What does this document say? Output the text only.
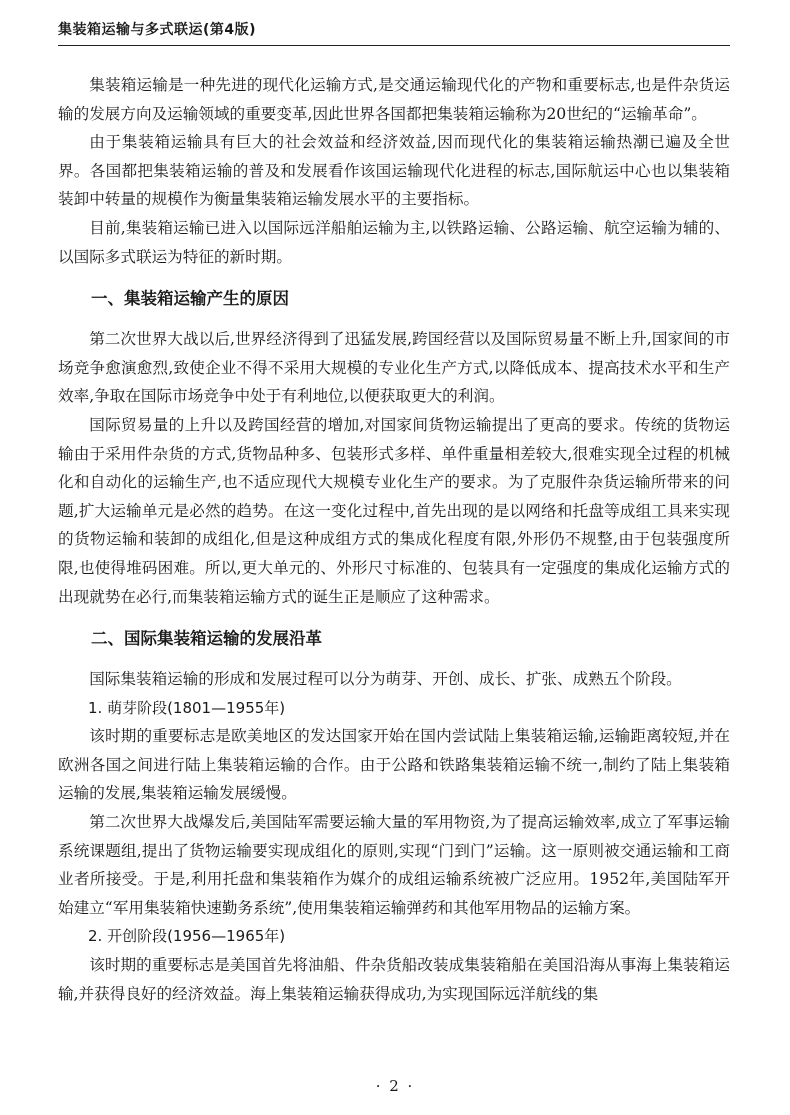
集装箱运输与多式联运(第4版)

集装箱运输是一种先进的现代化运输方式,是交通运输现代化的产物和重要标志,也是件杂货运输的发展方向及运输领域的重要变革,因此世界各国都把集装箱运输称为20世纪的“运输革命”。

由于集装箱运输具有巨大的社会效益和经济效益,因而现代化的集装箱运输热潮已遍及全世界。各国都把集装箱运输的普及和发展看作该国运输现代化进程的标志,国际航运中心也以集装箱装卸中转量的规模作为衡量集装箱运输发展水平的主要指标。

目前,集装箱运输已进入以国际远洋船舶运输为主,以铁路运输、公路运输、航空运输为辅的、以国际多式联运为特征的新时期。

一、集装箱运输产生的原因

第二次世界大战以后,世界经济得到了迅猛发展,跨国经营以及国际贸易量不断上升,国家间的市场竞争愈演愈烈,致使企业不得不采用大规模的专业化生产方式,以降低成本、提高技术水平和生产效率,争取在国际市场竞争中处于有利地位,以便获取更大的利润。

国际贸易量的上升以及跨国经营的增加,对国家间货物运输提出了更高的要求。传统的货物运输由于采用件杂货的方式,货物品种多、包装形式多样、单件重量相差较大,很难实现全过程的机械化和自动化的运输生产,也不适应现代大规模专业化生产的要求。为了克服件杂货运输所带来的问题,扩大运输单元是必然的趋势。在这一变化过程中,首先出现的是以网络和托盘等成组工具来实现的货物运输和装卸的成组化,但是这种成组方式的集成化程度有限,外形仍不规整,由于包装强度所限,也使得堆码困难。所以,更大单元的、外形尺寸标准的、包装具有一定强度的集成化运输方式的出现就势在必行,而集装箱运输方式的诞生正是顺应了这种需求。

二、国际集装箱运输的发展沿革

国际集装箱运输的形成和发展过程可以分为萌芽、开创、成长、扩张、成熟五个阶段。

1. 萌芽阶段(1801—1955年)

该时期的重要标志是欧美地区的发达国家开始在国内尝试陆上集装箱运输,运输距离较短,并在欧洲各国之间进行陆上集装箱运输的合作。由于公路和铁路集装箱运输不统一,制约了陆上集装箱运输的发展,集装箱运输发展缓慢。

第二次世界大战爆发后,美国陆军需要运输大量的军用物资,为了提高运输效率,成立了军事运输系统课题组,提出了货物运输要实现成组化的原则,实现“门到门”运输。这一原则被交通运输和工商业者所接受。于是,利用托盘和集装箱作为媒介的成组运输系统被广泛应用。1952年,美国陆军开始建立“军用集装箱快速勤务系统”,使用集装箱运输弹药和其他军用物品的运输方案。

2. 开创阶段(1956—1965年)

该时期的重要标志是美国首先将油船、件杂货船改装成集装箱船在美国沿海从事海上集装箱运输,并获得良好的经济效益。海上集装箱运输获得成功,为实现国际远洋航线的集

· 2 ·
